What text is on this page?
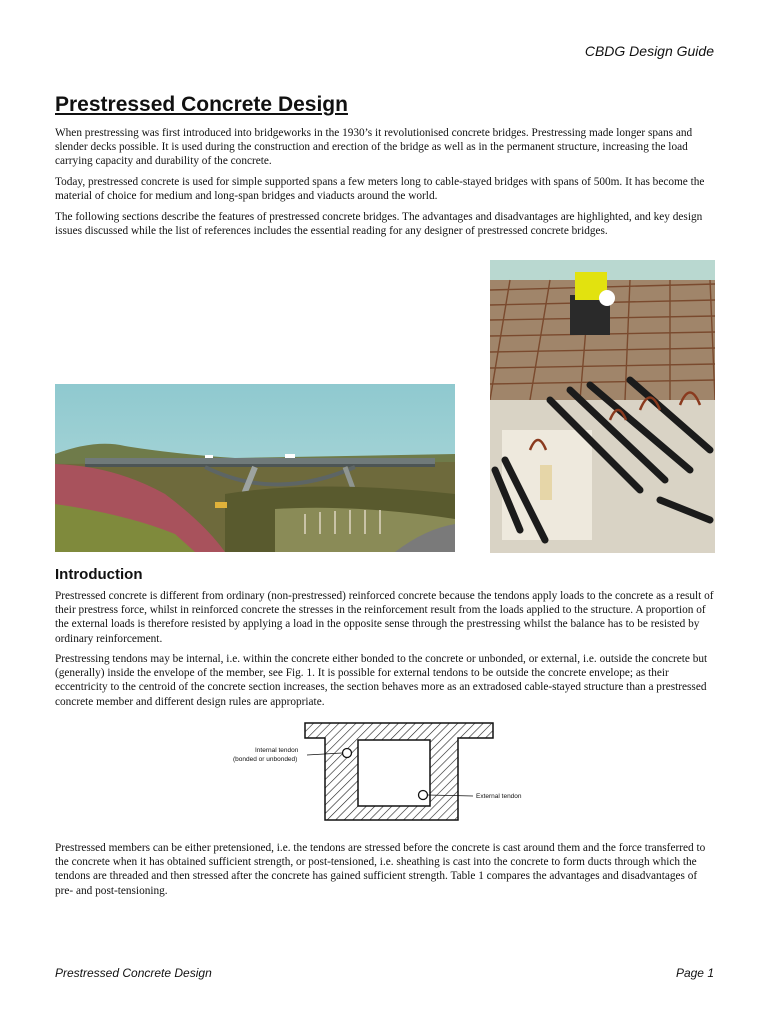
CBDG Design Guide
Prestressed Concrete Design

When prestressing was first introduced into bridgeworks in the 1930’s it revolutionised concrete bridges. Prestressing made longer spans and slender decks possible. It is used during the construction and erection of the bridge as well as in the permanent structure, increasing the load carrying capacity and durability of the concrete.

Today, prestressed concrete is used for simple supported spans a few meters long to cable-stayed bridges with spans of 500m. It has become the material of choice for medium and long-span bridges and viaducts around the world.

The following sections describe the features of prestressed concrete bridges. The advantages and disadvantages are highlighted, and key design issues discussed while the list of references includes the essential reading for any designer of prestressed concrete bridges.

Introduction

Prestressed concrete is different from ordinary (non-prestressed) reinforced concrete because the tendons apply loads to the concrete as a result of their prestress force, whilst in reinforced concrete the stresses in the reinforcement result from the loads applied to the structure. A proportion of the external loads is therefore resisted by applying a load in the opposite sense through the prestressing whilst the balance has to be resisted by ordinary reinforcement.

Prestressing tendons may be internal, i.e. within the concrete either bonded to the concrete or unbonded, or external, i.e. outside the concrete but (generally) inside the envelope of the member, see Fig. 1. It is possible for external tendons to be outside the concrete envelope; as their eccentricity to the centroid of the concrete section increases, the section behaves more as an extradosed cable-stayed structure than a prestressed concrete member and different design rules are appropriate.

Internal tendon
(bonded or unbonded)
External tendon

Prestressed members can be either pretensioned, i.e. the tendons are stressed before the concrete is cast around them and the force transferred to the concrete when it has obtained sufficient strength, or post-tensioned, i.e. sheathing is cast into the concrete to form ducts through which the tendons are threaded and then stressed after the concrete has gained sufficient strength. Table 1 compares the advantages and disadvantages of pre- and post-tensioning.

Prestressed Concrete Design	Page 1
